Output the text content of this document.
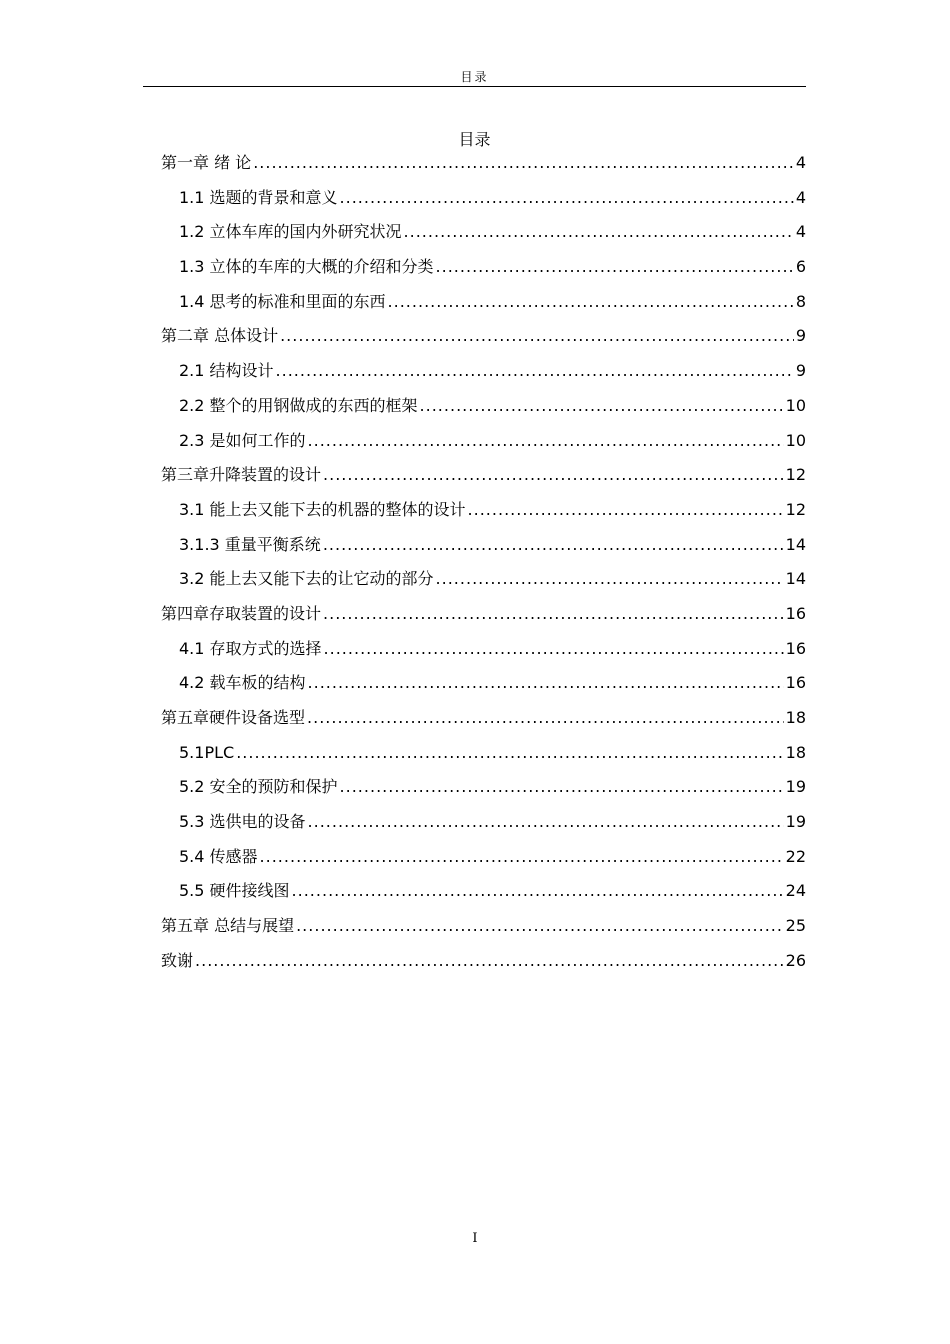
目录
目录
第一章 绪 论 .....	4
1.1 选题的背景和意义 .....	4
1.2 立体车库的国内外研究状况 .....	4
1.3 立体的车库的大概的介绍和分类 .....	6
1.4 思考的标准和里面的东西 .....	8
第二章 总体设计 .....	9
2.1 结构设计 .....	9
2.2 整个的用钢做成的东西的框架 .....	10
2.3 是如何工作的 .....	10
第三章升降装置的设计 .....	12
3.1 能上去又能下去的机器的整体的设计 .....	12
3.1.3 重量平衡系统 .....	14
3.2 能上去又能下去的让它动的部分 .....	14
第四章存取装置的设计 .....	16
4.1 存取方式的选择 .....	16
4.2 载车板的结构 .....	16
第五章硬件设备选型 .....	18
5.1PLC .....	18
5.2 安全的预防和保护 .....	19
5.3 选供电的设备 .....	19
5.4 传感器 .....	22
5.5 硬件接线图 .....	24
第五章 总结与展望 .....	25
致谢 .....	26
I
